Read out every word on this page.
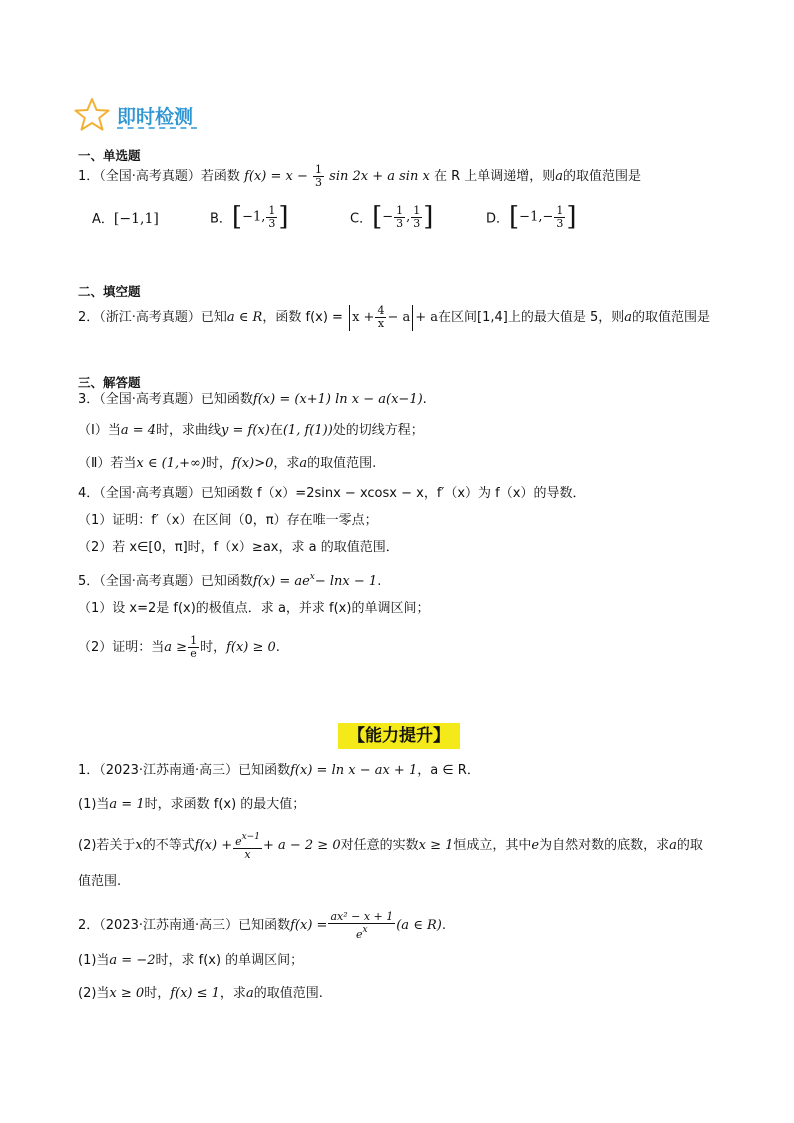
即时检测
一、单选题
1．（全国·高考真题）若函数 $f(x) = x - \frac{1}{3}$ sin 2x + a sin x 在 R 上单调递增，则a的取值范围是
A．[−1,1]	B．[−1, $\frac{1}{3}$ ]	C．[− $\frac{1}{3}$ , $\frac{1}{3}$ ]	D．[$-1,- \frac{1}{3}$ ]
二、填空题
2．（浙江·高考真题）已知a ∈ R，函数 $f(x) = x + \frac{4}{x} - a + a$在区间[1,4]上的最大值是 5，则a的取值范围是
三、解答题
3．（全国·高考真题）已知函数f(x) = (x+1) ln x − a(x−1).
（I）当a = 4时，求曲线y = f(x)在(1, f(1))处的切线方程；
（Ⅱ）若当x ∈ (1,+∞)时，f(x)>0，求a的取值范围.
4．（全国·高考真题）已知函数 f（x）=2sinx − xcosx − x，f′（x）为 f（x）的导数．
（1）证明：f′（x）在区间（0，π）存在唯一零点；
（2）若 x∈[0，π]时，f（x）≥ax，求 a 的取值范围．
5．（全国·高考真题）已知函数$f(x) = ae^x- \ln x - 1$.
（1）设 x=2是 f(x)的极值点．求 a，并求 f(x)的单调区间；
（2）证明：当$a \ge \frac{1}{e}$ 时，f(x) ≥ 0.
【能力提升】
1．（2023·江苏南通·高三）已知函数f(x) = ln x − ax + 1，a ∈ R．
(1)当a = 1时，求函数 f(x) 的最大值；
(2)若关于x的不等式$f(x) + \frac{e^{x-1}}{x} + a - 2 \ge 0$对任意的实数x ≥ 1恒成立，其中e为自然对数的底数，求a的取
值范围.
2．（2023·江苏南通·高三）已知函数$f(x) = \frac{\text{ax² − x + 1}}{e^x} (a$ ∈ R).
(1)当a = −2时，求 f(x) 的单调区间；
(2)当x ≥ 0时，f(x) ≤ 1，求a的取值范围.
